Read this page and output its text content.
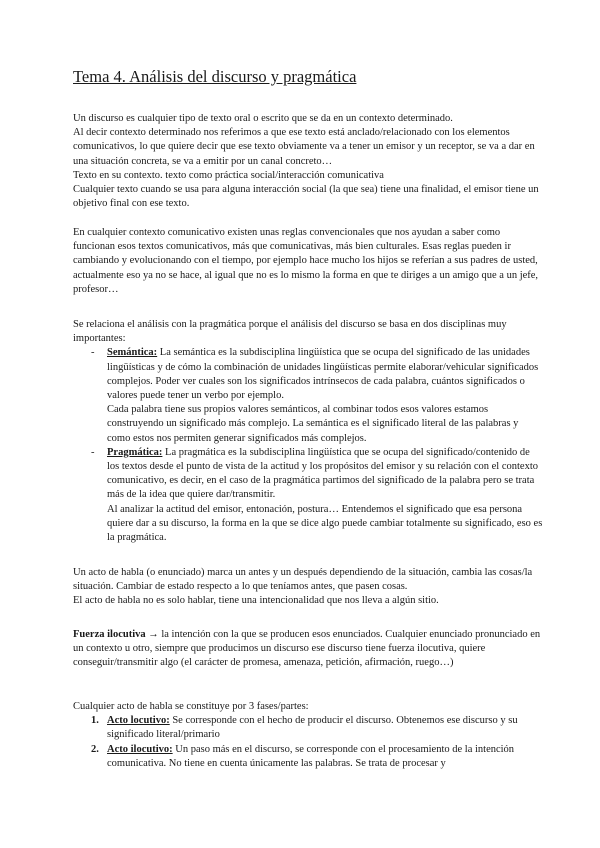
Tema 4. Análisis del discurso y pragmática

Un discurso es cualquier tipo de texto oral o escrito que se da en un contexto determinado.

Al decir contexto determinado nos referimos a que ese texto está anclado/relacionado con los elementos comunicativos, lo que quiere decir que ese texto obviamente va a tener un emisor y un receptor, se va a dar en una situación concreta, se va a emitir por un canal concreto…

Texto en su contexto. texto como práctica social/interacción comunicativa

Cualquier texto cuando se usa para alguna interacción social (la que sea) tiene una finalidad, el emisor tiene un objetivo final con ese texto.

En cualquier contexto comunicativo existen unas reglas convencionales que nos ayudan a saber como funcionan esos textos comunicativos, más que comunicativas, más bien culturales. Esas reglas pueden ir cambiando y evolucionando con el tiempo, por ejemplo hace mucho los hijos se referían a sus padres de usted, actualmente eso ya no se hace, al igual que no es lo mismo la forma en que te diriges a un amigo que a un jefe, profesor…

Se relaciona el análisis con la pragmática porque el análisis del discurso se basa en dos disciplinas muy importantes:

- Semántica: La semántica es la subdisciplina lingüística que se ocupa del significado de las unidades lingüísticas y de cómo la combinación de unidades lingüísticas permite elaborar/vehicular significados complejos. Poder ver cuales son los significados intrínsecos de cada palabra, cuántos significados o valores puede tener un verbo por ejemplo.

Cada palabra tiene sus propios valores semánticos, al combinar todos esos valores estamos construyendo un significado más complejo. La semántica es el significado literal de las palabras y como estos nos permiten generar significados más complejos.

- Pragmática: La pragmática es la subdisciplina lingüística que se ocupa del significado/contenido de los textos desde el punto de vista de la actitud y los propósitos del emisor y su relación con el contexto comunicativo, es decir, en el caso de la pragmática partimos del significado de la palabra pero se trata más de la idea que quiere dar/transmitir.

Al analizar la actitud del emisor, entonación, postura… Entendemos el significado que esa persona quiere dar a su discurso, la forma en la que se dice algo puede cambiar totalmente su significado, eso es la pragmática.

Un acto de habla (o enunciado) marca un antes y un después dependiendo de la situación, cambia las cosas/la situación. Cambiar de estado respecto a lo que teníamos antes, que pasen cosas.

El acto de habla no es solo hablar, tiene una intencionalidad que nos lleva a algún sitio.

Fuerza ilocutiva → la intención con la que se producen esos enunciados. Cualquier enunciado pronunciado en un contexto u otro, siempre que producimos un discurso ese discurso tiene fuerza ilocutiva, quiere conseguir/transmitir algo (el carácter de promesa, amenaza, petición, afirmación, ruego…)

Cualquier acto de habla se constituye por 3 fases/partes:

1. Acto locutivo: Se corresponde con el hecho de producir el discurso. Obtenemos ese discurso y su significado literal/primario
2. Acto ilocutivo: Un paso más en el discurso, se corresponde con el procesamiento de la intención comunicativa. No tiene en cuenta únicamente las palabras. Se trata de procesar y
